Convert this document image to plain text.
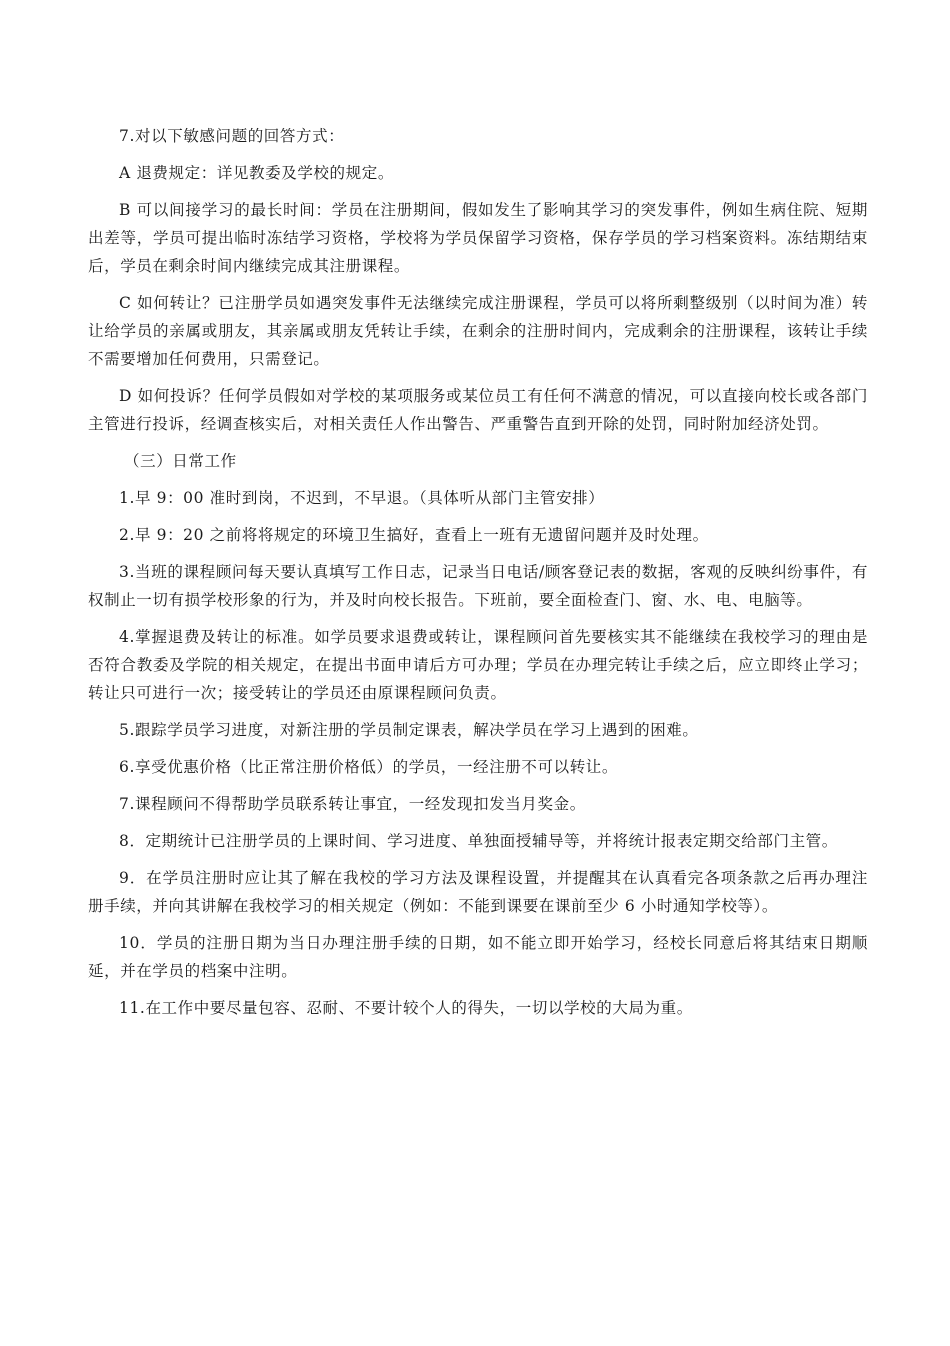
7.对以下敏感问题的回答方式：

A 退费规定：详见教委及学校的规定。

B 可以间接学习的最长时间：学员在注册期间，假如发生了影响其学习的突发事件，例如生病住院、短期出差等，学员可提出临时冻结学习资格，学校将为学员保留学习资格，保存学员的学习档案资料。冻结期结束后，学员在剩余时间内继续完成其注册课程。

C 如何转让？已注册学员如遇突发事件无法继续完成注册课程，学员可以将所剩整级别（以时间为准）转让给学员的亲属或朋友，其亲属或朋友凭转让手续，在剩余的注册时间内，完成剩余的注册课程，该转让手续不需要增加任何费用，只需登记。

D 如何投诉？任何学员假如对学校的某项服务或某位员工有任何不满意的情况，可以直接向校长或各部门主管进行投诉，经调查核实后，对相关责任人作出警告、严重警告直到开除的处罚，同时附加经济处罚。

（三）日常工作

1.早 9：00 准时到岗，不迟到，不早退。（具体听从部门主管安排）

2.早 9：20 之前将将规定的环境卫生搞好，查看上一班有无遗留问题并及时处理。

3.当班的课程顾问每天要认真填写工作日志，记录当日电话/顾客登记表的数据，客观的反映纠纷事件，有权制止一切有损学校形象的行为，并及时向校长报告。下班前，要全面检查门、窗、水、电、电脑等。

4.掌握退费及转让的标准。如学员要求退费或转让，课程顾问首先要核实其不能继续在我校学习的理由是否符合教委及学院的相关规定，在提出书面申请后方可办理；学员在办理完转让手续之后，应立即终止学习；转让只可进行一次；接受转让的学员还由原课程顾问负责。

5.跟踪学员学习进度，对新注册的学员制定课表，解决学员在学习上遇到的困难。

6.享受优惠价格（比正常注册价格低）的学员，一经注册不可以转让。

7.课程顾问不得帮助学员联系转让事宜，一经发现扣发当月奖金。

8．定期统计已注册学员的上课时间、学习进度、单独面授辅导等，并将统计报表定期交给部门主管。

9．在学员注册时应让其了解在我校的学习方法及课程设置，并提醒其在认真看完各项条款之后再办理注册手续，并向其讲解在我校学习的相关规定（例如：不能到课要在课前至少 6 小时通知学校等）。

10．学员的注册日期为当日办理注册手续的日期，如不能立即开始学习，经校长同意后将其结束日期顺延，并在学员的档案中注明。

11.在工作中要尽量包容、忍耐、不要计较个人的得失，一切以学校的大局为重。
